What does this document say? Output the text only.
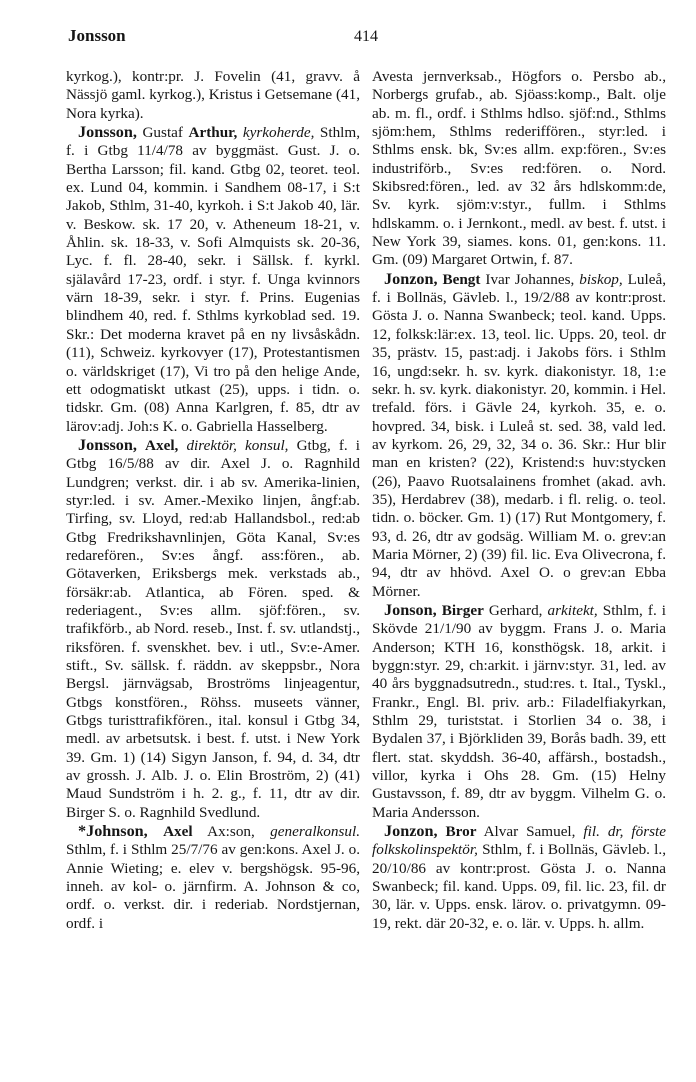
Jonsson	414

kyrkog.), kontr:pr. J. Fovelin (41, gravv. å Nässjö gaml. kyrkog.), Kristus i Getsemane (41, Nora kyrka).

Jonsson, Gustaf Arthur, kyrkoherde, Sthlm, f. i Gtbg 11/4/78 av byggmäst. Gust. J. o. Bertha Larsson; fil. kand. Gtbg 02, teoret. teol. ex. Lund 04, kommin. i Sandhem 08-17, i S:t Jakob, Sthlm, 31-40, kyrkoh. i S:t Jakob 40, lär. v. Beskow. sk. 17 20, v. Atheneum 18-21, v. Åhlin. sk. 18-33, v. Sofi Almquists sk. 20-36, Lyc. f. fl. 28-40, sekr. i Sällsk. f. kyrkl. själavård 17-23, ordf. i styr. f. Unga kvinnors värn 18-39, sekr. i styr. f. Prins. Eugenias blindhem 40, red. f. Sthlms kyrkoblad sed. 19. Skr.: Det moderna kravet på en ny livsåskådn. (11), Schweiz. kyrkovyer (17), Protestantismen o. världskriget (17), Vi tro på den helige Ande, ett odogmatiskt utkast (25), upps. i tidn. o. tidskr. Gm. (08) Anna Karlgren, f. 85, dtr av lärov:adj. Joh:s K. o. Gabriella Hasselberg.

Jonsson, Axel, direktör, konsul, Gtbg, f. i Gtbg 16/5/88 av dir. Axel J. o. Ragnhild Lundgren; verkst. dir. i ab sv. Amerika-linien, styr:led. i sv. Amer.-Mexiko linjen, ångf:ab. Tirfing, sv. Lloyd, red:ab Hallandsbol., red:ab Gtbg Fredrikshavnlinjen, Göta Kanal, Sv:es redarefören., Sv:es ångf. ass:fören., ab. Götaverken, Eriksbergs mek. verkstads ab., försäkr:ab. Atlantica, ab Fören. sped. & rederiagent., Sv:es allm. sjöf:fören., sv. trafikförb., ab Nord. reseb., Inst. f. sv. utlandstj., riksfören. f. svenskhet. bev. i utl., Sv:e-Amer. stift., Sv. sällsk. f. räddn. av skeppsbr., Nora Bergsl. järnvägsab, Broströms linjeagentur, Gtbgs konstfören., Röhss. museets vänner, Gtbgs turisttrafikfören., ital. konsul i Gtbg 34, medl. av arbetsutsk. i best. f. utst. i New York 39. Gm. 1) (14) Sigyn Janson, f. 94, d. 34, dtr av grossh. J. Alb. J. o. Elin Broström, 2) (41) Maud Sundström i h. 2. g., f. 11, dtr av dir. Birger S. o. Ragnhild Svedlund.

*Johnson, Axel Ax:son, generalkonsul. Sthlm, f. i Sthlm 25/7/76 av gen:kons. Axel J. o. Annie Wieting; e. elev v. bergshögsk. 95-96, inneh. av kol- o. järnfirm. A. Johnson & co, ordf. o. verkst. dir. i rederiab. Nordstjernan, ordf. i

Avesta jernverksab., Högfors o. Persbo ab., Norbergs grufab., ab. Sjöass:komp., Balt. olje ab. m. fl., ordf. i Sthlms hdlso. sjöf:nd., Sthlms sjöm:hem, Sthlms rederiffören., styr:led. i Sthlms ensk. bk, Sv:es allm. exp:fören., Sv:es industriförb., Sv:es red:fören. o. Nord. Skibsred:fören., led. av 32 års hdlskomm:de, Sv. kyrk. sjöm:v:styr., fullm. i Sthlms hdlskamm. o. i Jernkont., medl. av best. f. utst. i New York 39, siames. kons. 01, gen:kons. 11. Gm. (09) Margaret Ortwin, f. 87.

Jonzon, Bengt Ivar Johannes, biskop, Luleå, f. i Bollnäs, Gävleb. l., 19/2/88 av kontr:prost. Gösta J. o. Nanna Swanbeck; teol. kand. Upps. 12, folksk:lär:ex. 13, teol. lic. Upps. 20, teol. dr 35, prästv. 15, past:adj. i Jakobs förs. i Sthlm 16, ungd:sekr. h. sv. kyrk. diakonistyr. 18, 1:e sekr. h. sv. kyrk. diakonistyr. 20, kommin. i Hel. trefald. förs. i Gävle 24, kyrkoh. 35, e. o. hovpred. 34, bisk. i Luleå st. sed. 38, vald led. av kyrkom. 26, 29, 32, 34 o. 36. Skr.: Hur blir man en kristen? (22), Kristend:s huv:stycken (26), Paavo Ruotsalainens fromhet (akad. avh. 35), Herdabrev (38), medarb. i fl. relig. o. teol. tidn. o. böcker. Gm. 1) (17) Rut Montgomery, f. 93, d. 26, dtr av godsäg. William M. o. grev:an Maria Mörner, 2) (39) fil. lic. Eva Olivecrona, f. 94, dtr av hhövd. Axel O. o grev:an Ebba Mörner.

Jonson, Birger Gerhard, arkitekt, Sthlm, f. i Skövde 21/1/90 av byggm. Frans J. o. Maria Anderson; KTH 16, konsthögsk. 18, arkit. i byggn:styr. 29, ch:arkit. i järnv:styr. 31, led. av 40 års byggnadsutredn., stud:res. t. Ital., Tyskl., Frankr., Engl. Bl. priv. arb.: Filadelfiakyrkan, Sthlm 29, turiststat. i Storlien 34 o. 38, i Bydalen 37, i Björkliden 39, Borås badh. 39, ett flert. stat. skyddsh. 36-40, affärsh., bostadsh., villor, kyrka i Ohs 28. Gm. (15) Helny Gustavsson, f. 89, dtr av byggm. Vilhelm G. o. Maria Andersson.

Jonzon, Bror Alvar Samuel, fil. dr, förste folkskolinspektör, Sthlm, f. i Bollnäs, Gävleb. l., 20/10/86 av kontr:prost. Gösta J. o. Nanna Swanbeck; fil. kand. Upps. 09, fil. lic. 23, fil. dr 30, lär. v. Upps. ensk. lärov. o. privatgymn. 09-19, rekt. där 20-32, e. o. lär. v. Upps. h. allm.
